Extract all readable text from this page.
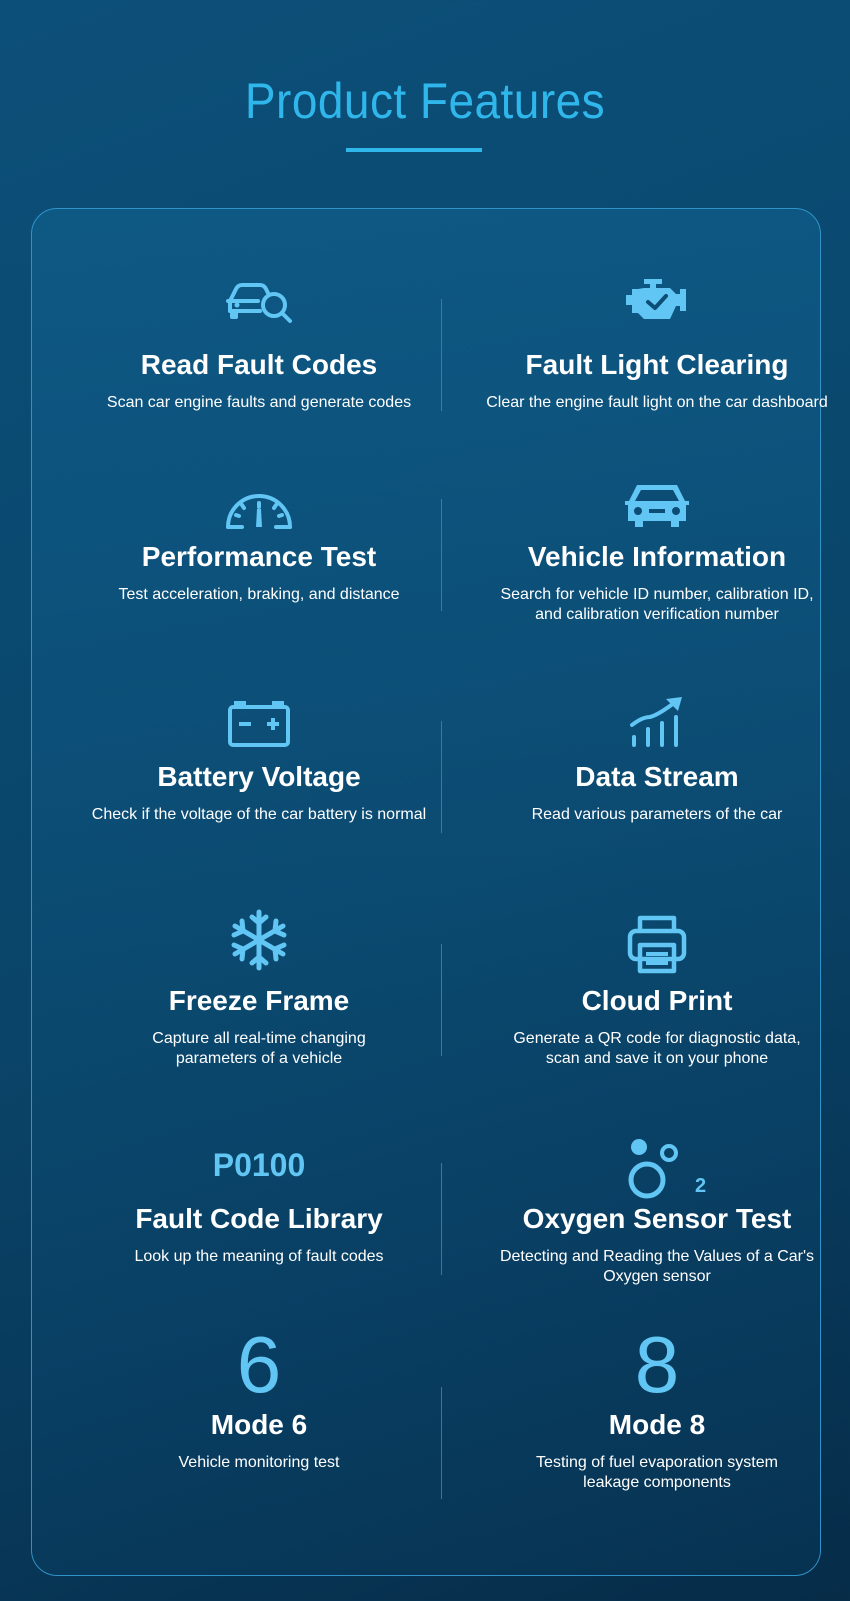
Product Features
Read Fault Codes
Scan car engine faults and generate codes
Fault Light Clearing
Clear the engine fault light on the car dashboard
Performance Test
Test acceleration, braking, and distance
Vehicle Information
Search for vehicle ID number, calibration ID,
and calibration verification number
Battery Voltage
Check if the voltage of the car battery is normal
Data Stream
Read various parameters of the car
Freeze Frame
Capture all real-time changing
parameters of a vehicle
Cloud Print
Generate a QR code for diagnostic data,
scan and save it on your phone
P0100
Fault Code Library
Look up the meaning of fault codes
2
Oxygen Sensor Test
Detecting and Reading the Values of a Car's
Oxygen sensor
6
Mode 6
Vehicle monitoring test
8
Mode 8
Testing of fuel evaporation system
leakage components
